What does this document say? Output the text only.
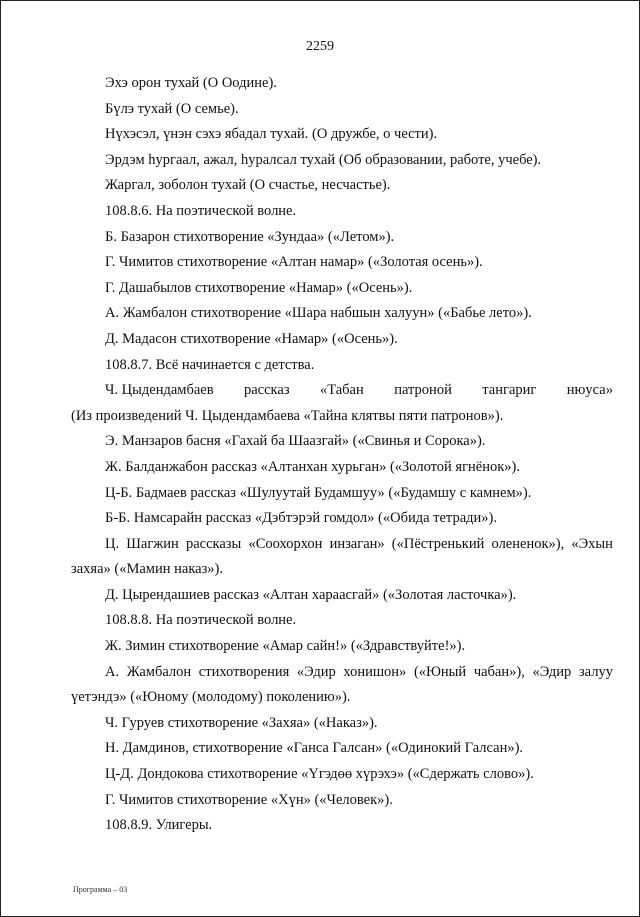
2259
Эхэ орон тухай (О Оодине).
Бүлэ тухай (О семье).
Нүхэсэл, үнэн сэхэ ябадал тухай. (О дружбе, о чести).
Эрдэм һургаал, ажал, һуралсал тухай (Об образовании, работе, учебе).
Жаргал, зоболон тухай (О счастье, несчастье).
108.8.6. На поэтической волне.
Б. Базарон стихотворение «Зундаа» («Летом»).
Г. Чимитов стихотворение «Алтан намар» («Золотая осень»).
Г. Дашабылов стихотворение «Намар» («Осень»).
А. Жамбалон стихотворение «Шара набшын халуун» («Бабье лето»).
Д. Мадасон стихотворение «Намар» («Осень»).
108.8.7. Всё начинается с детства.
Ч. Цыдендамбаев рассказ «Табан патроной тангариг нюуса»
(Из произведений Ч. Цыдендамбаева «Тайна клятвы пяти патронов»).
Э. Манзаров басня «Гахай ба Шаазгай» («Свинья и Сорока»).
Ж. Балданжабон рассказ «Алтанхан хурьган» («Золотой ягнёнок»).
Ц-Б. Бадмаев рассказ «Шулуутай Будамшуу» («Будамшу с камнем»).
Б-Б. Намсарайн рассказ «Дэбтэрэй гомдол» («Обида тетради»).
Ц. Шагжин рассказы «Соохорхон инзаган» («Пёстренький олененок»), «Эхын
захяа» («Мамин наказ»).
Д. Цырендашиев рассказ «Алтан хараасгай» («Золотая ласточка»).
108.8.8. На поэтической волне.
Ж. Зимин стихотворение «Амар сайн!» («Здравствуйте!»).
А. Жамбалон стихотворения «Эдир хонишон» («Юный чабан»), «Эдир залуу
үетэндэ» («Юному (молодому) поколению»).
Ч. Гуруев стихотворение «Захяа» («Наказ»).
Н. Дамдинов, стихотворение «Ганса Галсан» («Одинокий Галсан»).
Ц-Д. Дондокова стихотворение «Үгэдөө хүрэхэ» («Сдержать слово»).
Г. Чимитов стихотворение «Хүн» («Человек»).
108.8.9. Улигеры.
Программа – 03
